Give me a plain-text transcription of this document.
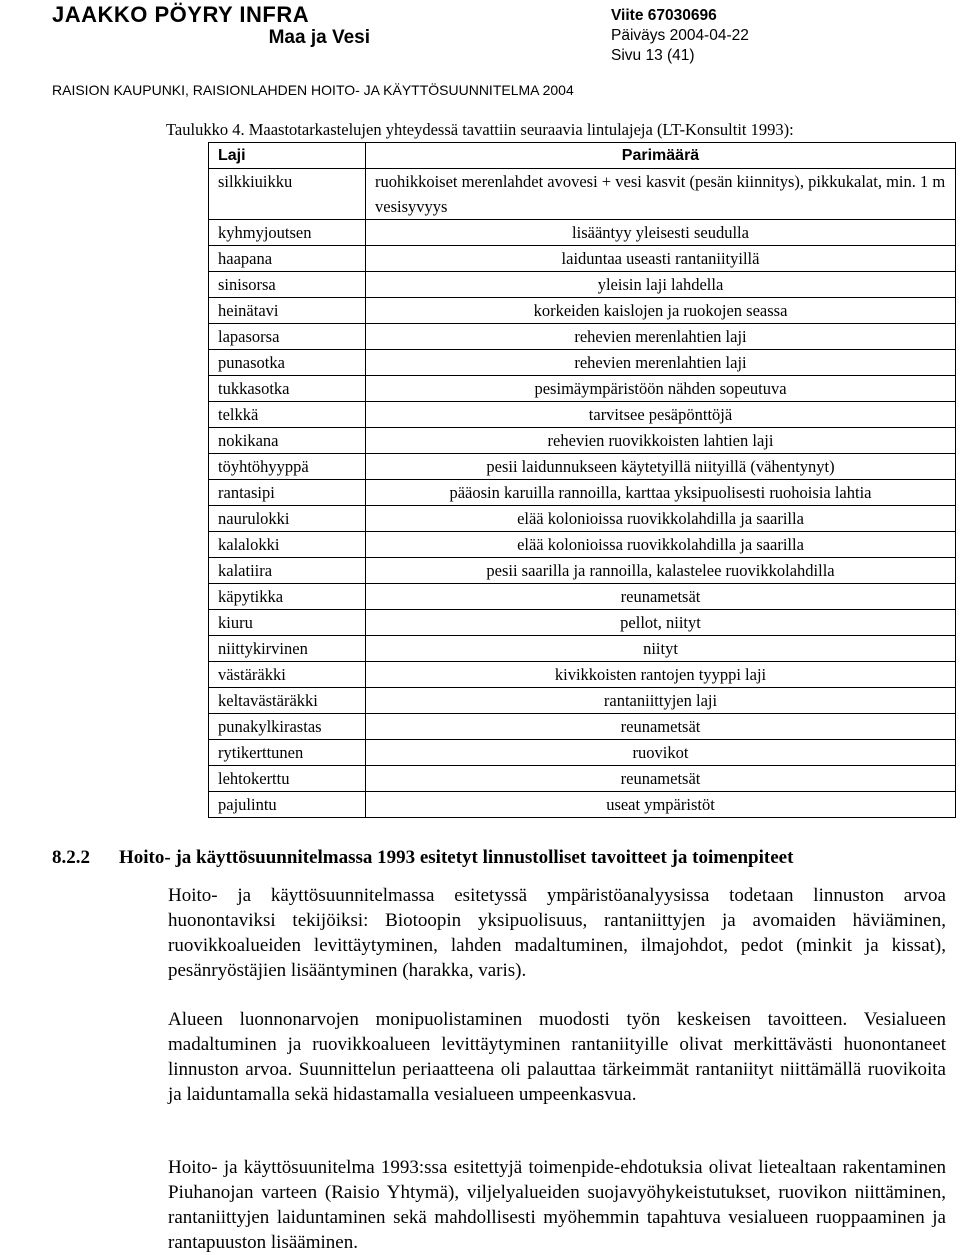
JAAKKO PÖYRY INFRA
Maa ja Vesi
Viite 67030696
Päiväys 2004-04-22
Sivu 13 (41)
RAISION KAUPUNKI, RAISIONLAHDEN HOITO- JA KÄYTTÖSUUNNITELMA 2004
Taulukko 4. Maastotarkastelujen yhteydessä tavattiin seuraavia lintulajeja (LT-Konsultit 1993):
Laji	Parimäärä
silkkiuikku	ruohikkoiset merenlahdet avovesi + vesi kasvit (pesän kiinnitys), pikkukalat, min. 1 m vesisyvyys
kyhmyjoutsen	lisääntyy yleisesti seudulla
haapana	laiduntaa useasti rantaniityillä
sinisorsa	yleisin laji lahdella
heinätavi	korkeiden kaislojen ja ruokojen seassa
lapasorsa	rehevien merenlahtien laji
punasotka	rehevien merenlahtien laji
tukkasotka	pesimäympäristöön nähden sopeutuva
telkkä	tarvitsee pesäpönttöjä
nokikana	rehevien ruovikkoisten lahtien laji
töyhtöhyyppä	pesii laidunnukseen käytetyillä niityillä (vähentynyt)
rantasipi	pääosin karuilla rannoilla, karttaa yksipuolisesti ruohoisia lahtia
naurulokki	elää kolonioissa ruovikkolahdilla ja saarilla
kalalokki	elää kolonioissa ruovikkolahdilla ja saarilla
kalatiira	pesii saarilla ja rannoilla, kalastelee ruovikkolahdilla
käpytikka	reunametsät
kiuru	pellot, niityt
niittykirvinen	niityt
västäräkki	kivikkoisten rantojen tyyppi laji
keltavästäräkki	rantaniittyjen laji
punakylkirastas	reunametsät
rytikerttunen	ruovikot
lehtokerttu	reunametsät
pajulintu	useat ympäristöt
8.2.2 Hoito- ja käyttösuunnitelmassa 1993 esitetyt linnustolliset tavoitteet ja toimenpiteet

Hoito- ja käyttösuunnitelmassa esitetyssä ympäristöanalyysissa todetaan linnuston arvoa huonontaviksi tekijöiksi: Biotoopin yksipuolisuus, rantaniittyjen ja avomaiden häviäminen, ruovikkoalueiden levittäytyminen, lahden madaltuminen, ilmajohdot, pedot (minkit ja kissat), pesänryöstäjien lisääntyminen (harakka, varis).

Alueen luonnonarvojen monipuolistaminen muodosti työn keskeisen tavoitteen. Vesialueen madaltuminen ja ruovikkoalueen levittäytyminen rantaniityille olivat merkittävästi huonontaneet linnuston arvoa. Suunnittelun periaatteena oli palauttaa tärkeimmät rantaniityt niittämällä ruovikoita ja laiduntamalla sekä hidastamalla vesialueen umpeenkasvua.

Hoito- ja käyttösuunitelma 1993:ssa esitettyjä toimenpide-ehdotuksia olivat lietealtaan rakentaminen Piuhanojan varteen (Raisio Yhtymä), viljelyalueiden suojavyöhykeistutukset, ruovikon niittäminen, rantaniittyjen laiduntaminen sekä mahdollisesti myöhemmin tapahtuva vesialueen ruoppaaminen ja rantapuuston lisääminen.
